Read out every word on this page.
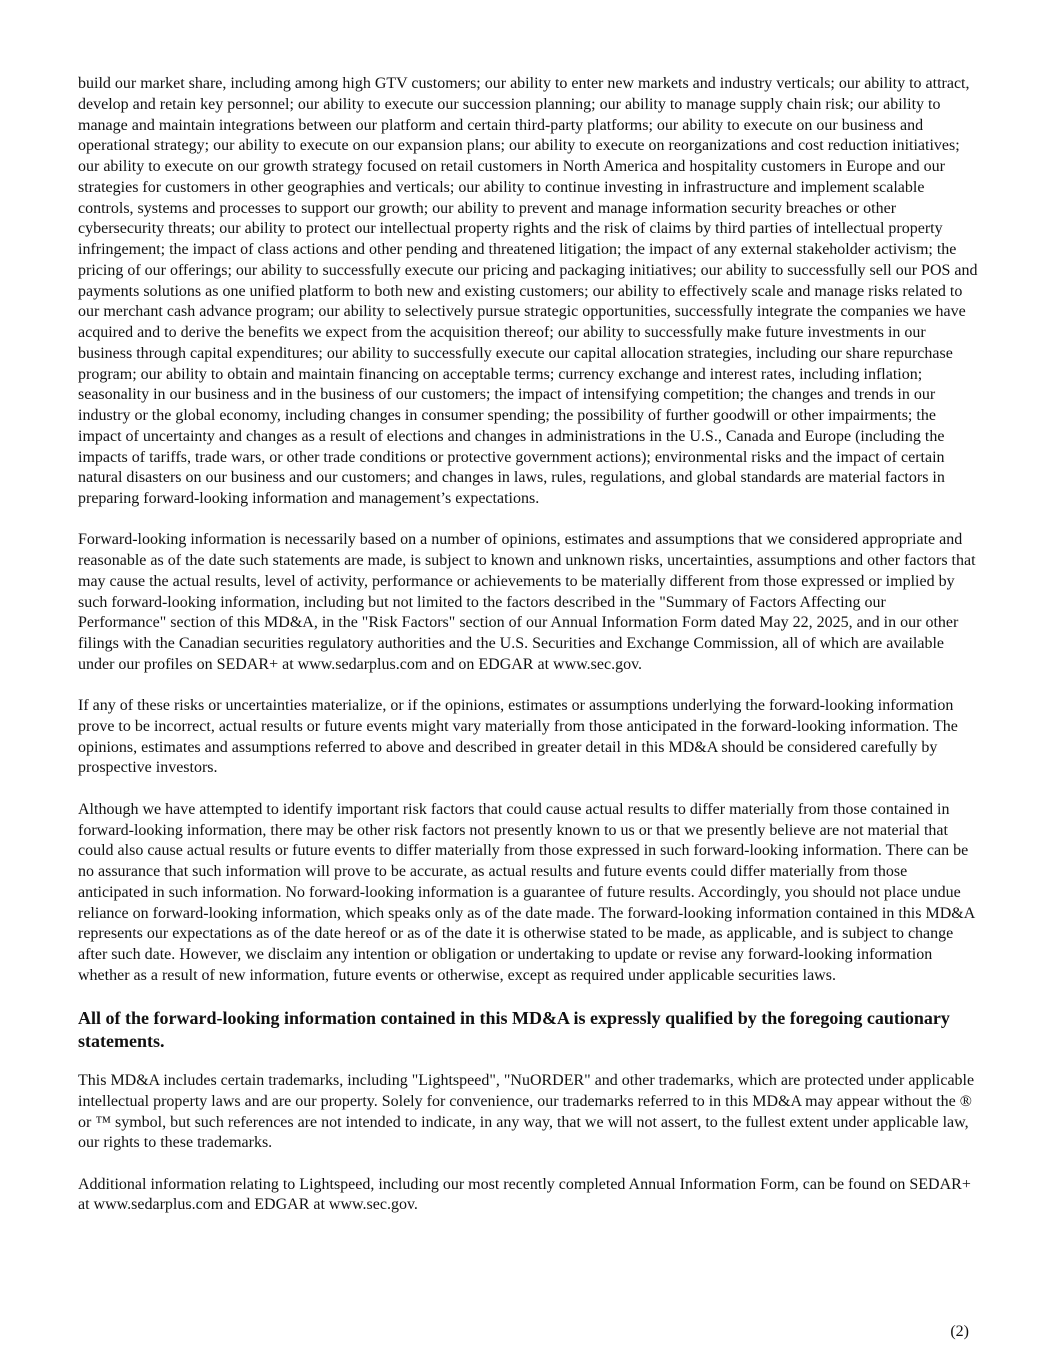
build our market share, including among high GTV customers; our ability to enter new markets and industry verticals; our ability to attract, develop and retain key personnel; our ability to execute our succession planning; our ability to manage supply chain risk; our ability to manage and maintain integrations between our platform and certain third-party platforms; our ability to execute on our business and operational strategy; our ability to execute on our expansion plans; our ability to execute on reorganizations and cost reduction initiatives; our ability to execute on our growth strategy focused on retail customers in North America and hospitality customers in Europe and our strategies for customers in other geographies and verticals; our ability to continue investing in infrastructure and implement scalable controls, systems and processes to support our growth; our ability to prevent and manage information security breaches or other cybersecurity threats; our ability to protect our intellectual property rights and the risk of claims by third parties of intellectual property infringement; the impact of class actions and other pending and threatened litigation; the impact of any external stakeholder activism; the pricing of our offerings; our ability to successfully execute our pricing and packaging initiatives; our ability to successfully sell our POS and payments solutions as one unified platform to both new and existing customers; our ability to effectively scale and manage risks related to our merchant cash advance program; our ability to selectively pursue strategic opportunities, successfully integrate the companies we have acquired and to derive the benefits we expect from the acquisition thereof; our ability to successfully make future investments in our business through capital expenditures; our ability to successfully execute our capital allocation strategies, including our share repurchase program; our ability to obtain and maintain financing on acceptable terms; currency exchange and interest rates, including inflation; seasonality in our business and in the business of our customers; the impact of intensifying competition; the changes and trends in our industry or the global economy, including changes in consumer spending; the possibility of further goodwill or other impairments; the impact of uncertainty and changes as a result of elections and changes in administrations in the U.S., Canada and Europe (including the impacts of tariffs, trade wars, or other trade conditions or protective government actions); environmental risks and the impact of certain natural disasters on our business and our customers; and changes in laws, rules, regulations, and global standards are material factors in preparing forward-looking information and management’s expectations.

Forward-looking information is necessarily based on a number of opinions, estimates and assumptions that we considered appropriate and reasonable as of the date such statements are made, is subject to known and unknown risks, uncertainties, assumptions and other factors that may cause the actual results, level of activity, performance or achievements to be materially different from those expressed or implied by such forward-looking information, including but not limited to the factors described in the "Summary of Factors Affecting our Performance" section of this MD&A, in the "Risk Factors" section of our Annual Information Form dated May 22, 2025, and in our other filings with the Canadian securities regulatory authorities and the U.S. Securities and Exchange Commission, all of which are available under our profiles on SEDAR+ at www.sedarplus.com and on EDGAR at www.sec.gov.

If any of these risks or uncertainties materialize, or if the opinions, estimates or assumptions underlying the forward-looking information prove to be incorrect, actual results or future events might vary materially from those anticipated in the forward-looking information. The opinions, estimates and assumptions referred to above and described in greater detail in this MD&A should be considered carefully by prospective investors.

Although we have attempted to identify important risk factors that could cause actual results to differ materially from those contained in forward-looking information, there may be other risk factors not presently known to us or that we presently believe are not material that could also cause actual results or future events to differ materially from those expressed in such forward-looking information. There can be no assurance that such information will prove to be accurate, as actual results and future events could differ materially from those anticipated in such information. No forward-looking information is a guarantee of future results. Accordingly, you should not place undue reliance on forward-looking information, which speaks only as of the date made. The forward-looking information contained in this MD&A represents our expectations as of the date hereof or as of the date it is otherwise stated to be made, as applicable, and is subject to change after such date. However, we disclaim any intention or obligation or undertaking to update or revise any forward-looking information whether as a result of new information, future events or otherwise, except as required under applicable securities laws.

All of the forward-looking information contained in this MD&A is expressly qualified by the foregoing cautionary statements.

This MD&A includes certain trademarks, including "Lightspeed", "NuORDER" and other trademarks, which are protected under applicable intellectual property laws and are our property. Solely for convenience, our trademarks referred to in this MD&A may appear without the ® or ™ symbol, but such references are not intended to indicate, in any way, that we will not assert, to the fullest extent under applicable law, our rights to these trademarks.

Additional information relating to Lightspeed, including our most recently completed Annual Information Form, can be found on SEDAR+ at www.sedarplus.com and EDGAR at www.sec.gov.

(2)
